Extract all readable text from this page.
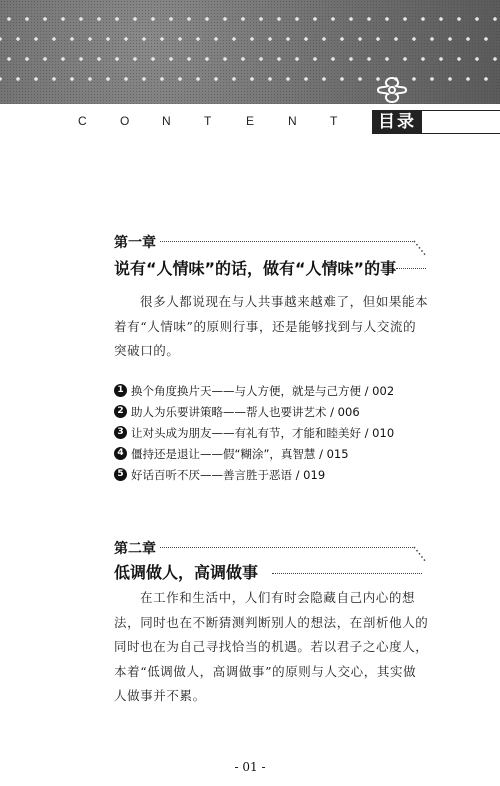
C	O	N	T	E	N	T	目录
第一章
说有“人情味”的话，做有“人情味”的事
很多人都说现在与人共事越来越难了，但如果能本
着有“人情味”的原则行事，还是能够找到与人交流的
突破口的。
1 换个角度换片天——与人方便，就是与己方便 / 002
2 助人为乐要讲策略——帮人也要讲艺术 / 006
3 让对头成为朋友——有礼有节，才能和睦美好 / 010
4 僵持还是退让——假“糊涂”，真智慧 / 015
5 好话百听不厌——善言胜于恶语 / 019
第二章
低调做人，高调做事
在工作和生活中，人们有时会隐藏自己内心的想
法，同时也在不断猜测判断别人的想法，在剖析他人的
同时也在为自己寻找恰当的机遇。若以君子之心度人，
本着“低调做人，高调做事”的原则与人交心，其实做
人做事并不累。
- 01 -
